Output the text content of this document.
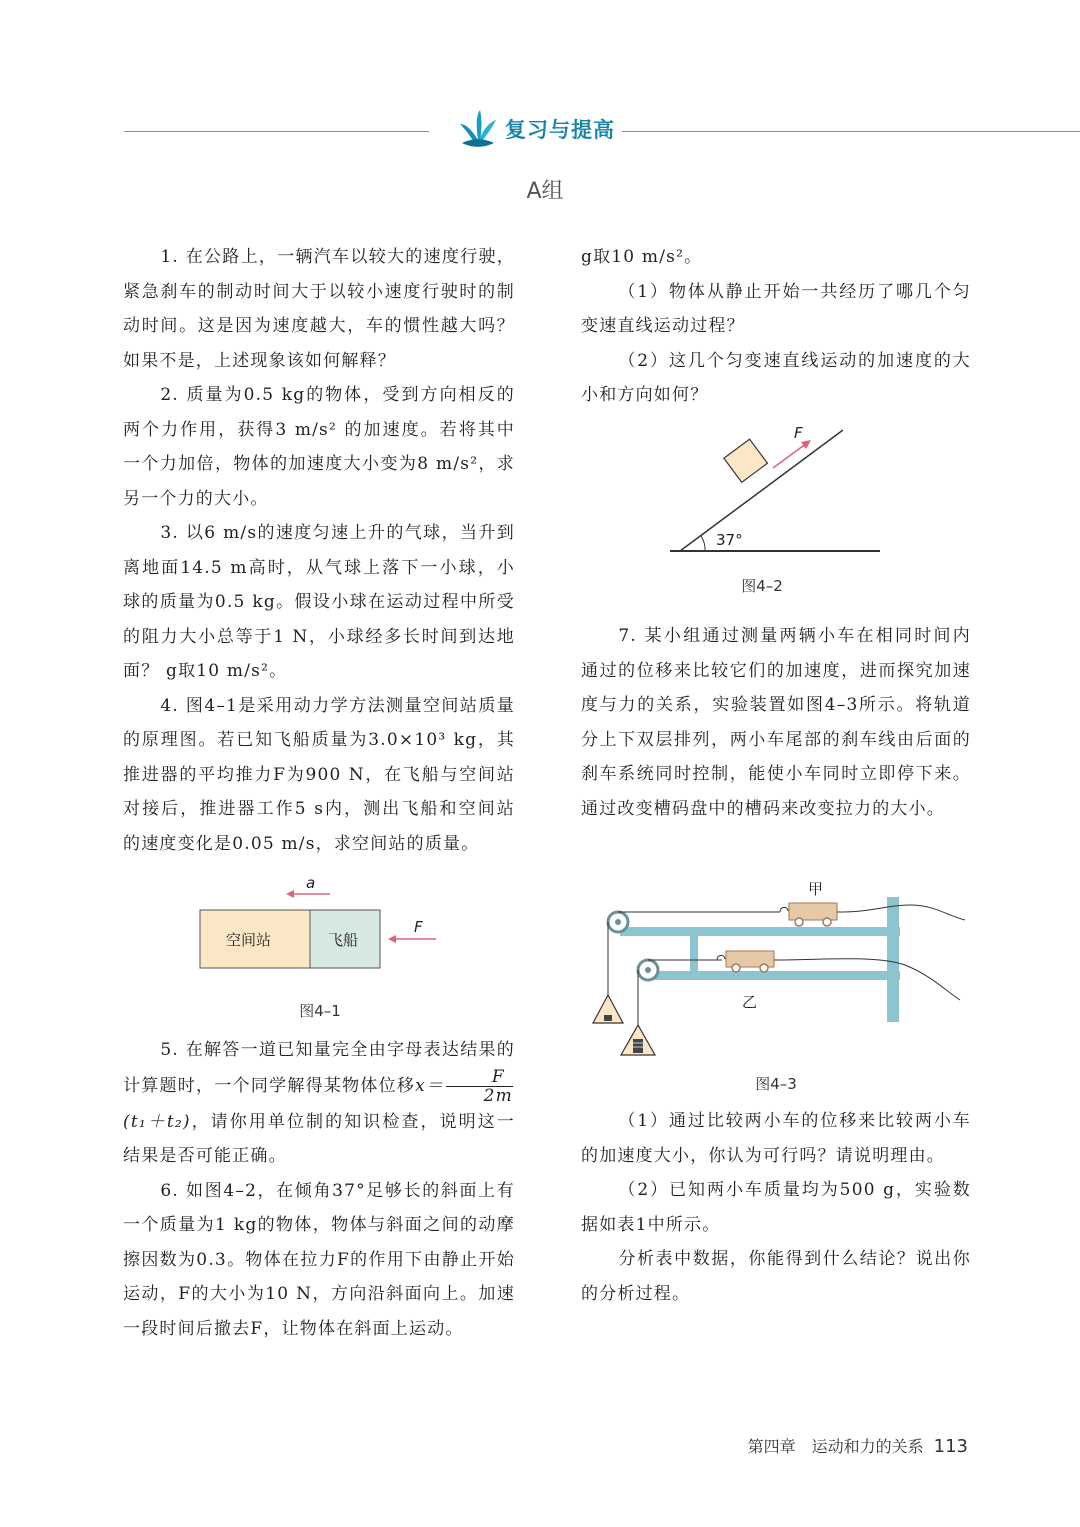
复习与提高
A组

1. 在公路上，一辆汽车以较大的速度行驶，紧急刹车的制动时间大于以较小速度行驶时的制动时间。这是因为速度越大，车的惯性越大吗？如果不是，上述现象该如何解释？

2. 质量为0.5 kg的物体，受到方向相反的两个力作用，获得3 m/s² 的加速度。若将其中一个力加倍，物体的加速度大小变为8 m/s²，求另一个力的大小。

3. 以6 m/s的速度匀速上升的气球，当升到离地面14.5 m高时，从气球上落下一小球，小球的质量为0.5 kg。假设小球在运动过程中所受的阻力大小总等于1 N，小球经多长时间到达地面？ g取10 m/s²。

4. 图4–1是采用动力学方法测量空间站质量的原理图。若已知飞船质量为3.0×10³ kg，其推进器的平均推力F为900 N，在飞船与空间站对接后，推进器工作5 s内，测出飞船和空间站的速度变化是0.05 m/s，求空间站的质量。

a
F
空间站	飞船
图4–1

5. 在解答一道已知量完全由字母表达结果的计算题时，一个同学解得某物体位移$x= \frac{F}{2m}$
(t₁＋t₂)，请你用单位制的知识检查，说明这一结果是否可能正确。

6. 如图4–2，在倾角37°足够长的斜面上有一个质量为1 kg的物体，物体与斜面之间的动摩擦因数为0.3。物体在拉力F的作用下由静止开始运动，F的大小为10 N，方向沿斜面向上。加速一段时间后撤去F，让物体在斜面上运动。

g取10 m/s²。

（1）物体从静止开始一共经历了哪几个匀变速直线运动过程？

（2）这几个匀变速直线运动的加速度的大小和方向如何？

F
37°
图4–2

7. 某小组通过测量两辆小车在相同时间内通过的位移来比较它们的加速度，进而探究加速度与力的关系，实验装置如图4–3所示。将轨道分上下双层排列，两小车尾部的刹车线由后面的刹车系统同时控制，能使小车同时立即停下来。通过改变槽码盘中的槽码来改变拉力的大小。

甲
乙
图4–3

（1）通过比较两小车的位移来比较两小车的加速度大小，你认为可行吗？请说明理由。

（2）已知两小车质量均为500 g，实验数据如表1中所示。

分析表中数据，你能得到什么结论？说出你的分析过程。

第四章　运动和力的关系 113
